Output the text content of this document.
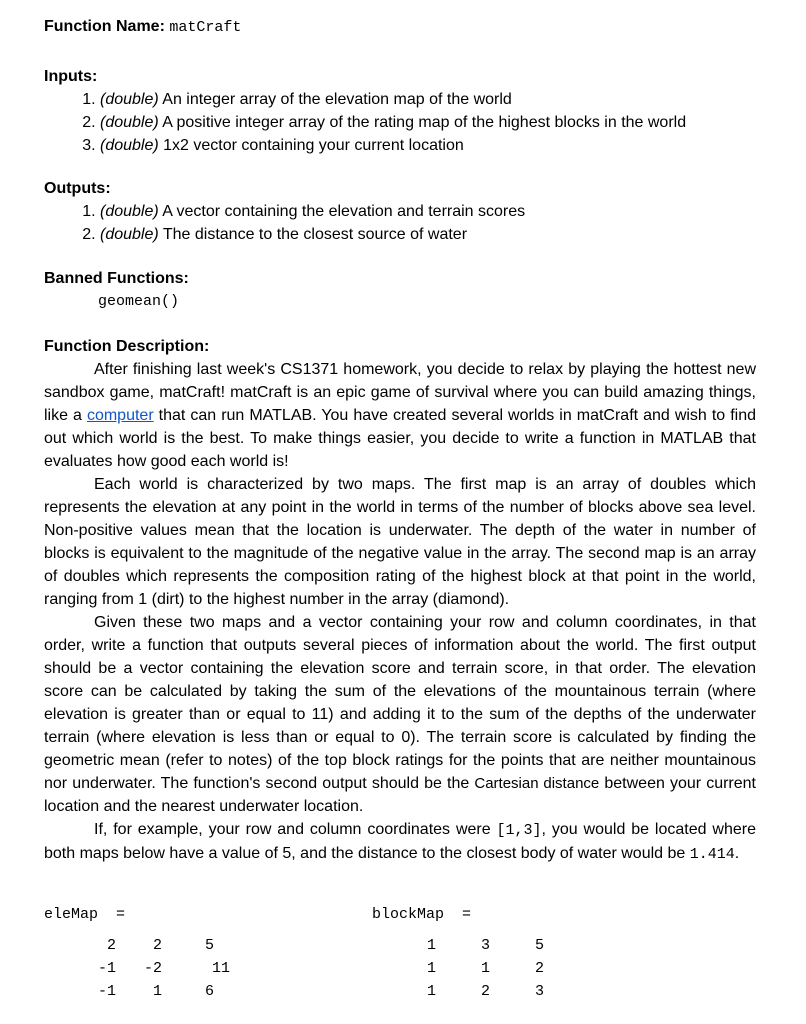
Function Name: matCraft

Inputs:

1. (double) An integer array of the elevation map of the world
2. (double) A positive integer array of the rating map of the highest blocks in the world
3. (double) 1x2 vector containing your current location

Outputs:

1. (double) A vector containing the elevation and terrain scores
2. (double) The distance to the closest source of water

Banned Functions:

geomean()

Function Description:

After finishing last week's CS1371 homework, you decide to relax by playing the hottest new sandbox game, matCraft! matCraft is an epic game of survival where you can build amazing things, like a computer that can run MATLAB. You have created several worlds in matCraft and wish to find out which world is the best. To make things easier, you decide to write a function in MATLAB that evaluates how good each world is!

Each world is characterized by two maps. The first map is an array of doubles which represents the elevation at any point in the world in terms of the number of blocks above sea level. Non-positive values mean that the location is underwater. The depth of the water in number of blocks is equivalent to the magnitude of the negative value in the array. The second map is an array of doubles which represents the composition rating of the highest block at that point in the world, ranging from 1 (dirt) to the highest number in the array (diamond).

Given these two maps and a vector containing your row and column coordinates, in that order, write a function that outputs several pieces of information about the world. The first output should be a vector containing the elevation score and terrain score, in that order. The elevation score can be calculated by taking the sum of the elevations of the mountainous terrain (where elevation is greater than or equal to 11) and adding it to the sum of the depths of the underwater terrain (where elevation is less than or equal to 0). The terrain score is calculated by finding the geometric mean (refer to notes) of the top block ratings for the points that are neither mountainous nor underwater. The function's second output should be the Cartesian distance between your current location and the nearest underwater location.

If, for example, your row and column coordinates were [1,3], you would be located where both maps below have a value of 5, and the distance to the closest body of water would be 1.414.

eleMap  =
2	2	5
-1	-2	11
-1	1	6
blockMap  =
1	3	5
1	1	2
1	2	3
